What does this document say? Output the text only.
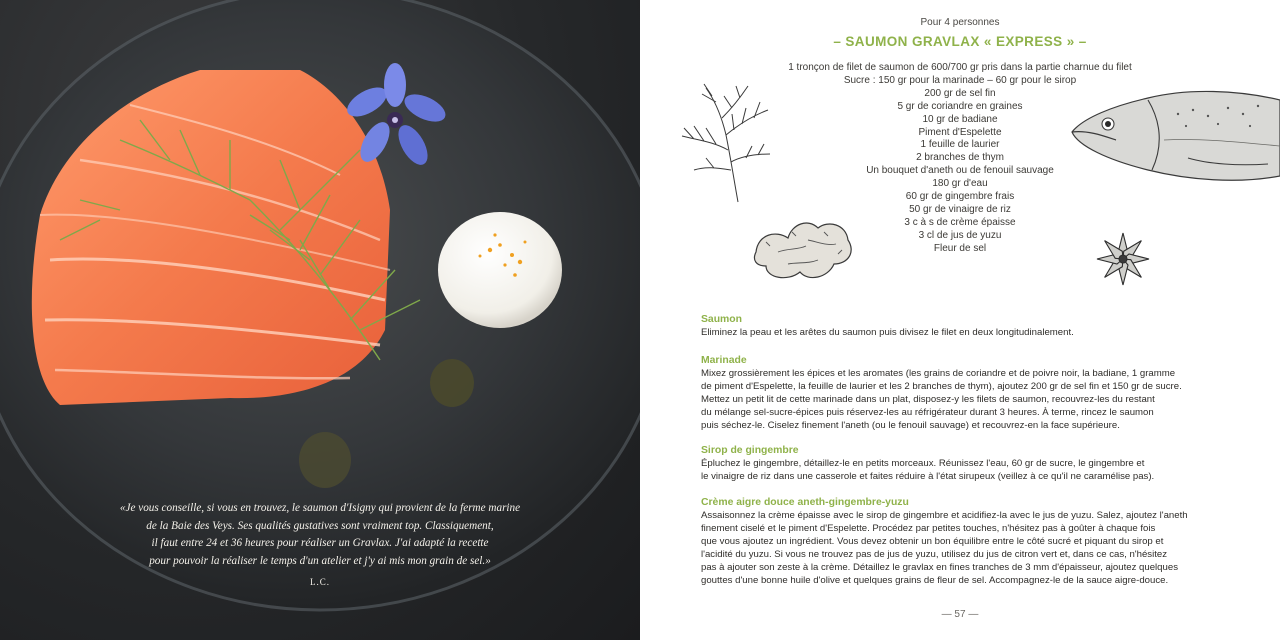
«Je vous conseille, si vous en trouvez, le saumon d'Isigny qui provient de la ferme marine
de la Baie des Veys. Ses qualités gustatives sont vraiment top. Classiquement,
il faut entre 24 et 36 heures pour réaliser un Gravlax. J'ai adapté la recette
pour pouvoir la réaliser le temps d'un atelier et j'y ai mis mon grain de sel.»
L.C.
Pour 4 personnes
– SAUMON GRAVLAX « EXPRESS » –
1 tronçon de filet de saumon de 600/700 gr pris dans la partie charnue du filet
Sucre : 150 gr pour la marinade – 60 gr pour le sirop
200 gr de sel fin
5 gr de coriandre en graines
10 gr de badiane
Piment d'Espelette
1 feuille de laurier
2 branches de thym
Un bouquet d'aneth ou de fenouil sauvage
180 gr d'eau
60 gr de gingembre frais
50 gr de vinaigre de riz
3 c à s de crème épaisse
3 cl de jus de yuzu
Fleur de sel
Saumon
Eliminez la peau et les arêtes du saumon puis divisez le filet en deux longitudinalement.
Marinade
Mixez grossièrement les épices et les aromates (les grains de coriandre et de poivre noir, la badiane, 1 gramme
de piment d'Espelette, la feuille de laurier et les 2 branches de thym), ajoutez 200 gr de sel fin et 150 gr de sucre.
Mettez un petit lit de cette marinade dans un plat, disposez-y les filets de saumon, recouvrez-les du restant
du mélange sel-sucre-épices puis réservez-les au réfrigérateur durant 3 heures. À terme, rincez le saumon
puis séchez-le. Ciselez finement l'aneth (ou le fenouil sauvage) et recouvrez-en la face supérieure.
Sirop de gingembre
Épluchez le gingembre, détaillez-le en petits morceaux. Réunissez l'eau, 60 gr de sucre, le gingembre et
le vinaigre de riz dans une casserole et faites réduire à l'état sirupeux (veillez à ce qu'il ne caramélise pas).
Crème aigre douce aneth-gingembre-yuzu
Assaisonnez la crème épaisse avec le sirop de gingembre et acidifiez-la avec le jus de yuzu. Salez, ajoutez l'aneth
finement ciselé et le piment d'Espelette. Procédez par petites touches, n'hésitez pas à goûter à chaque fois
que vous ajoutez un ingrédient. Vous devez obtenir un bon équilibre entre le côté sucré et piquant du sirop et
l'acidité du yuzu. Si vous ne trouvez pas de jus de yuzu, utilisez du jus de citron vert et, dans ce cas, n'hésitez
pas à ajouter son zeste à la crème. Détaillez le gravlax en fines tranches de 3 mm d'épaisseur, ajoutez quelques
gouttes d'une bonne huile d'olive et quelques grains de fleur de sel. Accompagnez-le de la sauce aigre-douce.
— 57 —
